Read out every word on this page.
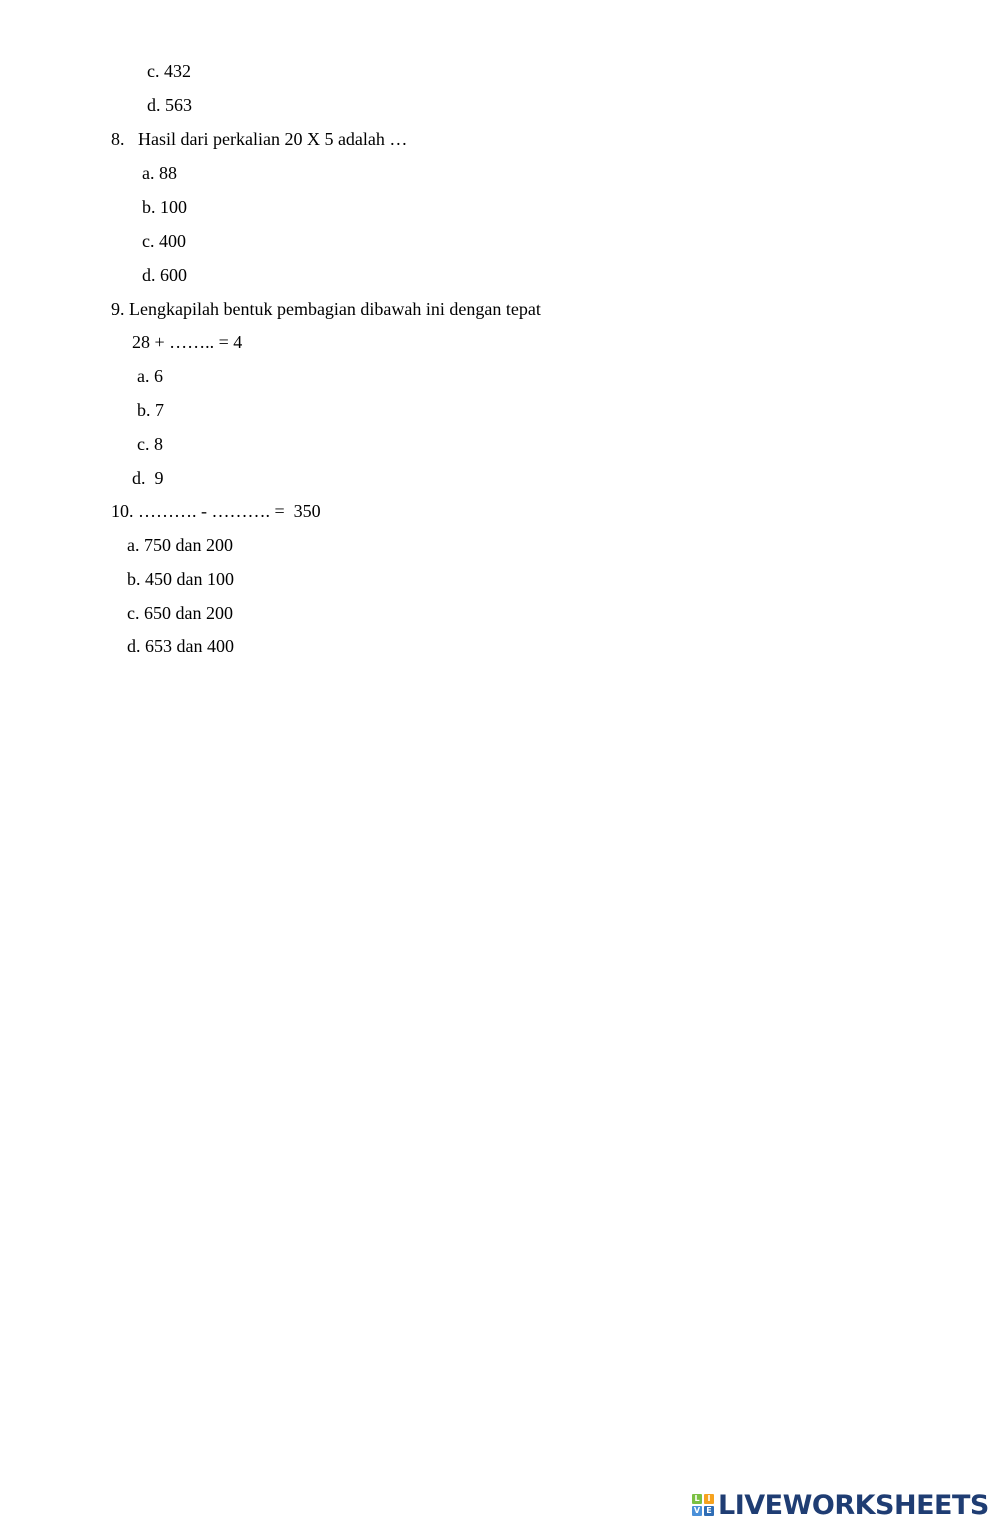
c. 432
d. 563
8.   Hasil dari perkalian 20 X 5 adalah …
a. 88
b. 100
c. 400
d. 600
9. Lengkapilah bentuk pembagian dibawah ini dengan tepat
28 + …….. = 4
a. 6
b. 7
c. 8
d.  9
10. ………. - ………. =  350
a. 750 dan 200
b. 450 dan 100
c. 650 dan 200
d. 653 dan 400
L I
V E LIVEWORKSHEETS
